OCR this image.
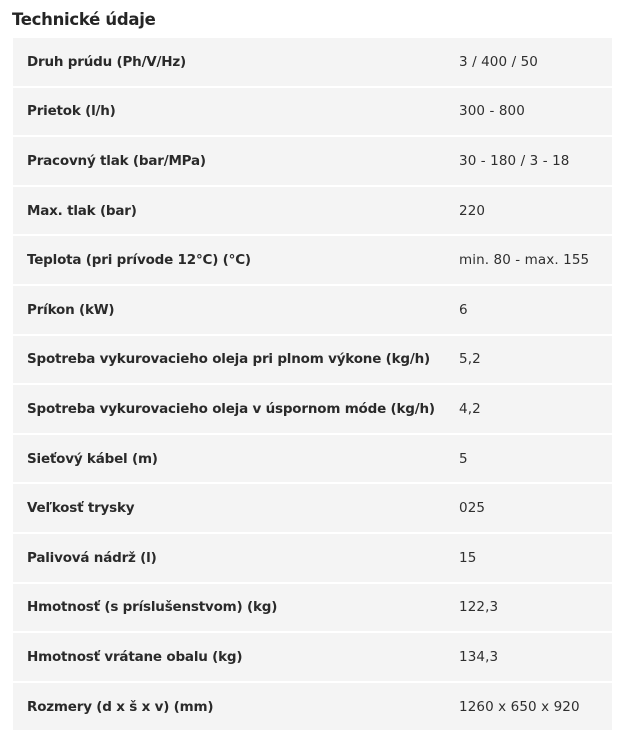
Technické údaje
Druh prúdu (Ph/V/Hz)	3 / 400 / 50
Prietok (l/h)	300 - 800
Pracovný tlak (bar/MPa)	30 - 180 / 3 - 18
Max. tlak (bar)	220
Teplota (pri prívode 12°C) (°C)	min. 80 - max. 155
Príkon (kW)	6
Spotreba vykurovacieho oleja pri plnom výkone (kg/h)	5,2
Spotreba vykurovacieho oleja v úspornom móde (kg/h)	4,2
Sieťový kábel (m)	5
Veľkosť trysky	025
Palivová nádrž (l)	15
Hmotnosť (s príslušenstvom) (kg)	122,3
Hmotnosť vrátane obalu (kg)	134,3
Rozmery (d x š x v) (mm)	1260 x 650 x 920
